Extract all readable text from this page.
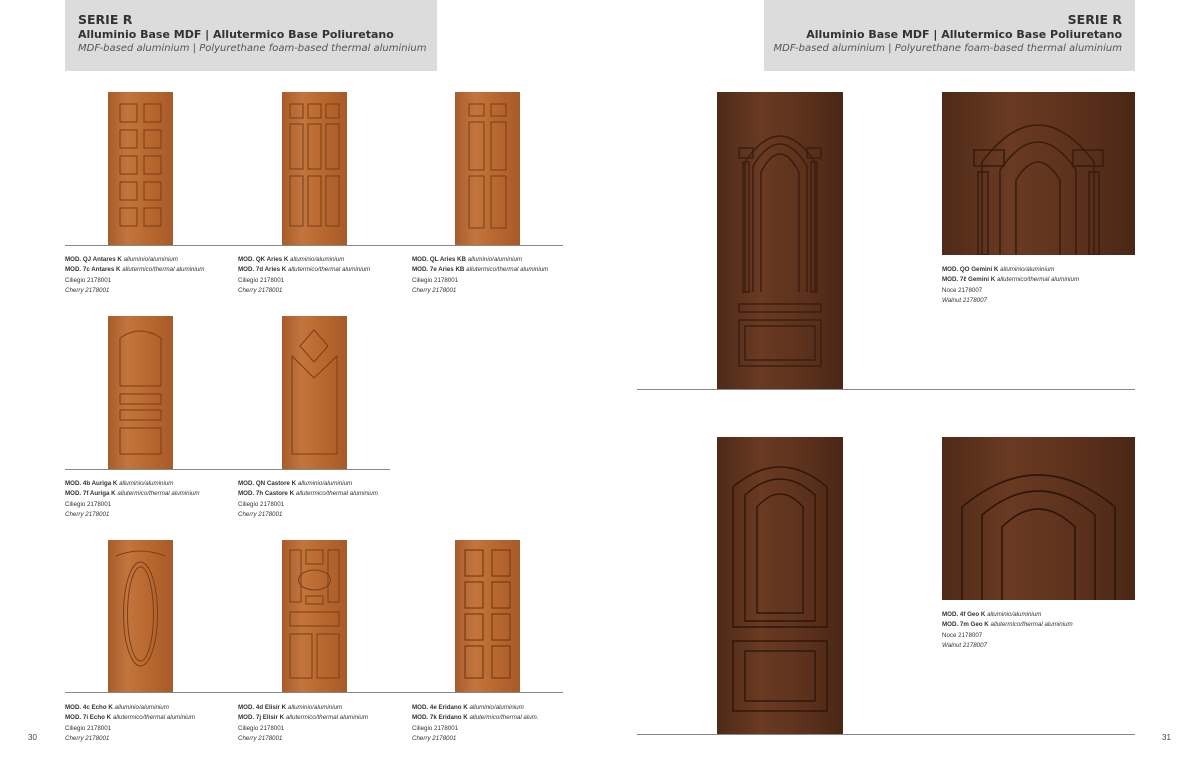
SERIE R
Alluminio Base MDF | Allutermico Base Poliuretano
MDF-based aluminium | Polyurethane foam-based thermal aluminium
SERIE R
Alluminio Base MDF | Allutermico Base Poliuretano
MDF-based aluminium | Polyurethane foam-based thermal aluminium
MOD. QJ Antares K alluminio/aluminium
MOD. 7c Antares K allutermico/thermal aluminium
Ciliegio 2178001
Cherry 2178001
MOD. QK Aries K alluminio/aluminium
MOD. 7d Aries K allutermico/thermal aluminium
Ciliegio 2178001
Cherry 2178001
MOD. QL Aries KB alluminio/aluminium
MOD. 7e Aries KB allutermico/thermal aluminium
Ciliegio 2178001
Cherry 2178001
MOD. 4b Auriga K alluminio/aluminium
MOD. 7f Auriga K allutermico/thermal aluminium
Ciliegio 2178001
Cherry 2178001
MOD. QN Castore K alluminio/aluminium
MOD. 7h Castore K allutermico/thermal aluminium
Ciliegio 2178001
Cherry 2178001
MOD. 4c Echo K alluminio/aluminium
MOD. 7i Echo K allutermico/thermal aluminium
Ciliegio 2178001
Cherry 2178001
MOD. 4d Elisir K alluminio/aluminium
MOD. 7j Elisir K allutermico/thermal aluminium
Ciliegio 2178001
Cherry 2178001
MOD. 4e Eridano K alluminio/aluminium
MOD. 7k Eridano K allutermico/thermal alum.
Ciliegio 2178001
Cherry 2178001
30
MOD. QO Gemini K alluminio/aluminium
MOD. 7ℓ Gemini K allutermico/thermal aluminium
Noce 2178007
Walnut 2178007
MOD. 4f Geo K alluminio/aluminium
MOD. 7m Geo K allutermico/thermal aluminium
Noce 2178007
Walnut 2178007
31
